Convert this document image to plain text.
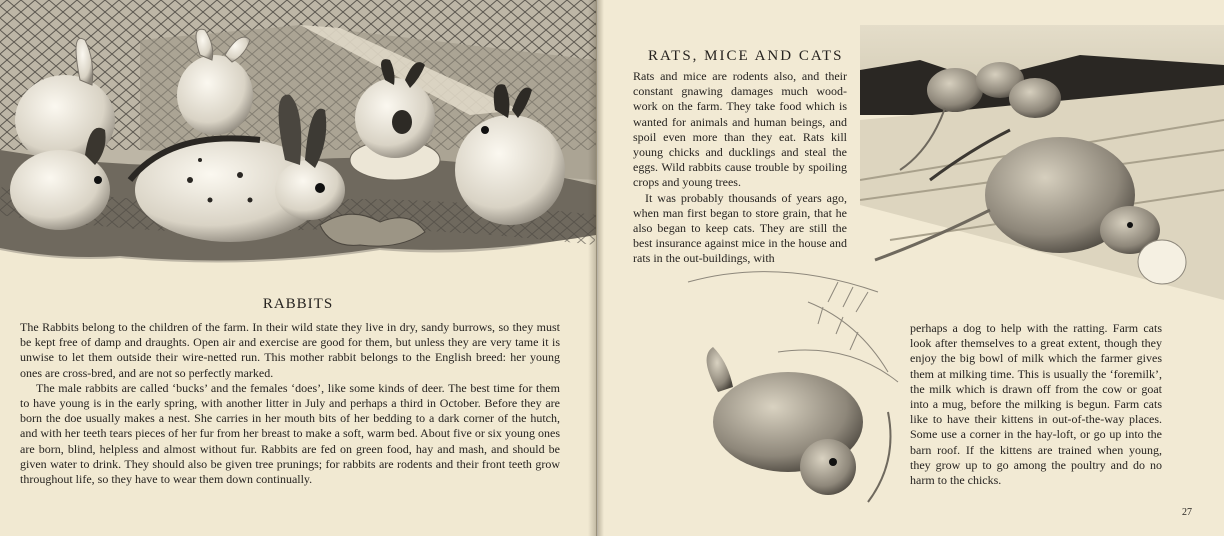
RABBITS

The Rabbits belong to the children of the farm. In their wild state they live in dry, sandy burrows, so they must be kept free of damp and draughts. Open air and exercise are good for them, but unless they are very tame it is unwise to let them outside their wire-netted run. This mother rabbit belongs to the English breed: her young ones are cross-bred, and are not so perfectly marked.

The male rabbits are called ‘bucks’ and the females ‘does’, like some kinds of deer. The best time for them to have young is in the early spring, with another litter in July and perhaps a third in October. Before they are born the doe usually makes a nest. She carries in her mouth bits of her bedding to a dark corner of the hutch, and with her teeth tears pieces of her fur from her breast to make a soft, warm bed. About five or six young ones are born, blind, helpless and almost without fur. Rabbits are fed on green food, hay and mash, and should be given water to drink. They should also be given tree prunings; for rabbits are rodents and their front teeth grow throughout life, so they have to wear them down continually.

RATS, MICE AND CATS

Rats and mice are rodents also, and their constant gnawing damages much wood-work on the farm. They take food which is wanted for animals and human beings, and spoil even more than they eat. Rats kill young chicks and ducklings and steal the eggs. Wild rabbits cause trouble by spoiling crops and young trees.

It was probably thousands of years ago, when man first began to store grain, that he also began to keep cats. They are still the best insurance against mice in the house and rats in the out-buildings, with

perhaps a dog to help with the ratting. Farm cats look after themselves to a great extent, though they enjoy the big bowl of milk which the farmer gives them at milking time. This is usually the ‘foremilk’, the milk which is drawn off from the cow or goat into a mug, before the milking is begun. Farm cats like to have their kittens in out-of-the-way places. Some use a corner in the hay-loft, or go up into the barn roof. If the kittens are trained when young, they grow up to go among the poultry and do no harm to the chicks.

27
